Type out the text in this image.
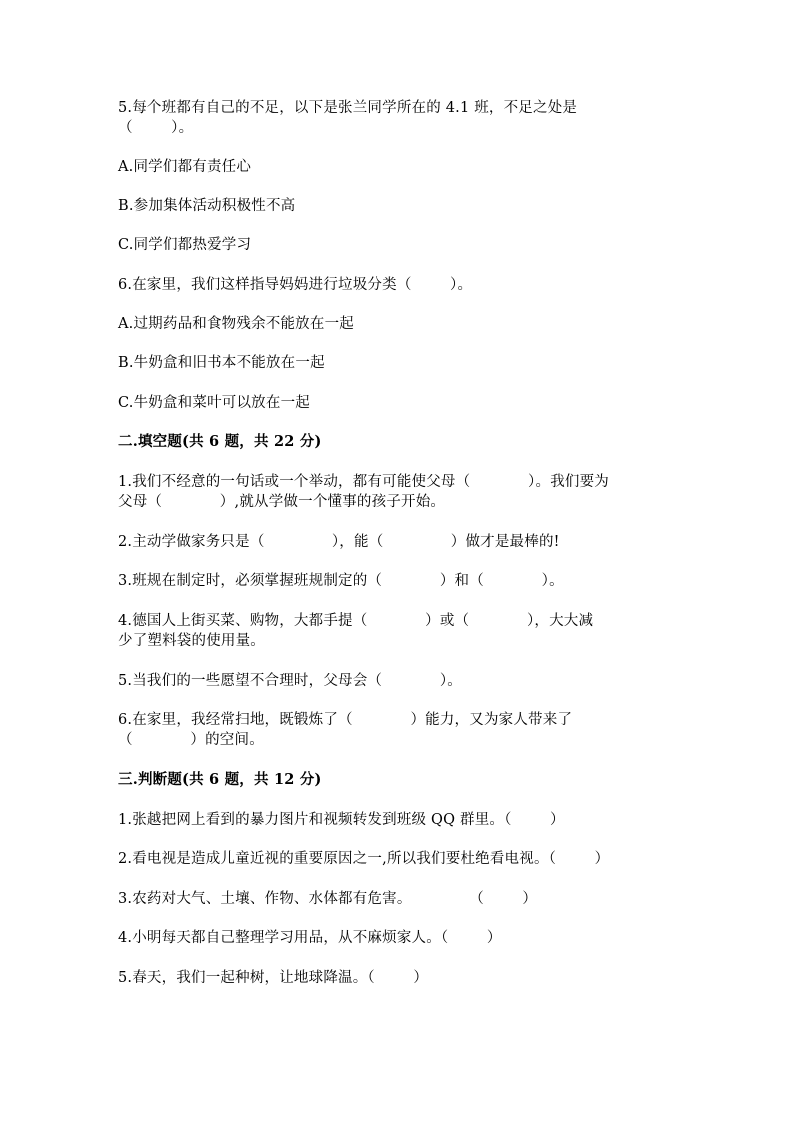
5.每个班都有自己的不足，以下是张兰同学所在的 4.1 班，不足之处是
（        ）。
A.同学们都有责任心
B.参加集体活动积极性不高
C.同学们都热爱学习
6.在家里，我们这样指导妈妈进行垃圾分类（        ）。
A.过期药品和食物残余不能放在一起
B.牛奶盒和旧书本不能放在一起
C.牛奶盒和菜叶可以放在一起
二.填空题(共 6 题，共 22 分)
1.我们不经意的一句话或一个举动，都有可能使父母（            ）。我们要为
父母（            ）,就从学做一个懂事的孩子开始。
2.主动学做家务只是（              ），能（              ）做才是最棒的!
3.班规在制定时，必须掌握班规制定的（            ）和（            ）。
4.德国人上街买菜、购物，大都手提（            ）或（            ），大大减
少了塑料袋的使用量。
5.当我们的一些愿望不合理时，父母会（            ）。
6.在家里，我经常扫地，既锻炼了（            ）能力，又为家人带来了
（            ）的空间。
三.判断题(共 6 题，共 12 分)
1.张越把网上看到的暴力图片和视频转发到班级 QQ 群里。（        ）
2.看电视是造成儿童近视的重要原因之一,所以我们要杜绝看电视。（        ）
3.农药对大气、土壤、作物、水体都有危害。            （        ）
4.小明每天都自己整理学习用品，从不麻烦家人。（        ）
5.春天，我们一起种树，让地球降温。（        ）
